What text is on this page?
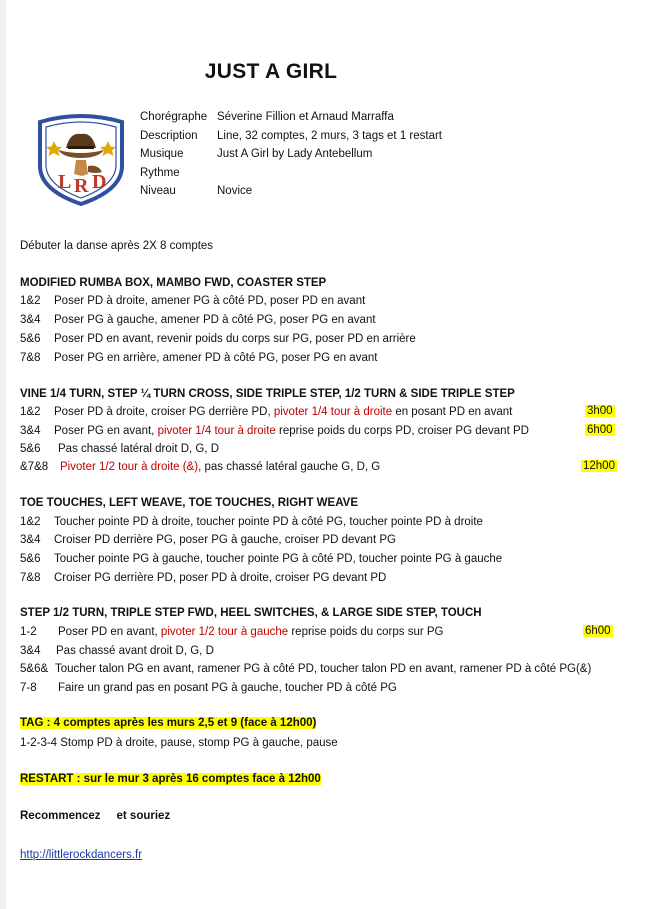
JUST A GIRL
L R D
Chorégraphe Séverine Fillion et Arnaud Marraffa
Description	Line, 32 comptes, 2 murs, 3 tags et 1 restart
Musique	Just A Girl by Lady Antebellum
Rythme
Niveau	Novice
Débuter la danse après 2X 8 comptes
MODIFIED RUMBA BOX, MAMBO FWD, COASTER STEP
1&2 Poser PD à droite, amener PG à côté PD, poser PD en avant
3&4 Poser PG à gauche, amener PD à côté PG, poser PG en avant
5&6 Poser PD en avant, revenir poids du corps sur PG, poser PD en arrière
7&8 Poser PG en arrière, amener PD à côté PG, poser PG en avant
VINE 1/4 TURN, STEP ¼ TURN CROSS, SIDE TRIPLE STEP, 1/2 TURN & SIDE TRIPLE STEP
1&2 Poser PD à droite, croiser PG derrière PD, pivoter 1/4 tour à droite en posant PD en avant	3h00
3&4 Poser PG en avant, pivoter 1/4 tour à droite reprise poids du corps PD, croiser PG devant PD	6h00
5&6 Pas chassé latéral droit D, G, D
&7&8 Pivoter 1/2 tour à droite (&), pas chassé latéral gauche G, D, G	12h00
TOE TOUCHES, LEFT WEAVE, TOE TOUCHES, RIGHT WEAVE
1&2 Toucher pointe PD à droite, toucher pointe PD à côté PG, toucher pointe PD à droite
3&4 Croiser PD derrière PG, poser PG à gauche, croiser PD devant PG
5&6 Toucher pointe PG à gauche, toucher pointe PG à côté PD, toucher pointe PG à gauche
7&8 Croiser PG derrière PD, poser PD à droite, croiser PG devant PD
STEP 1/2 TURN, TRIPLE STEP FWD, HEEL SWITCHES, & LARGE SIDE STEP, TOUCH
1-2 Poser PD en avant, pivoter 1/2 tour à gauche reprise poids du corps sur PG	6h00
3&4 Pas chassé avant droit D, G, D
5&6& Toucher talon PG en avant, ramener PG à côté PD, toucher talon PD en avant, ramener PD à côté PG(&)
7-8 Faire un grand pas en posant PG à gauche, toucher PD à côté PG
TAG : 4 comptes après les murs 2,5 et 9 (face à 12h00)
1-2-3-4 Stomp PD à droite, pause, stomp PG à gauche, pause
RESTART : sur le mur 3 après 16 comptes face à 12h00
Recommencez     et souriez
http://littlerockdancers.fr
